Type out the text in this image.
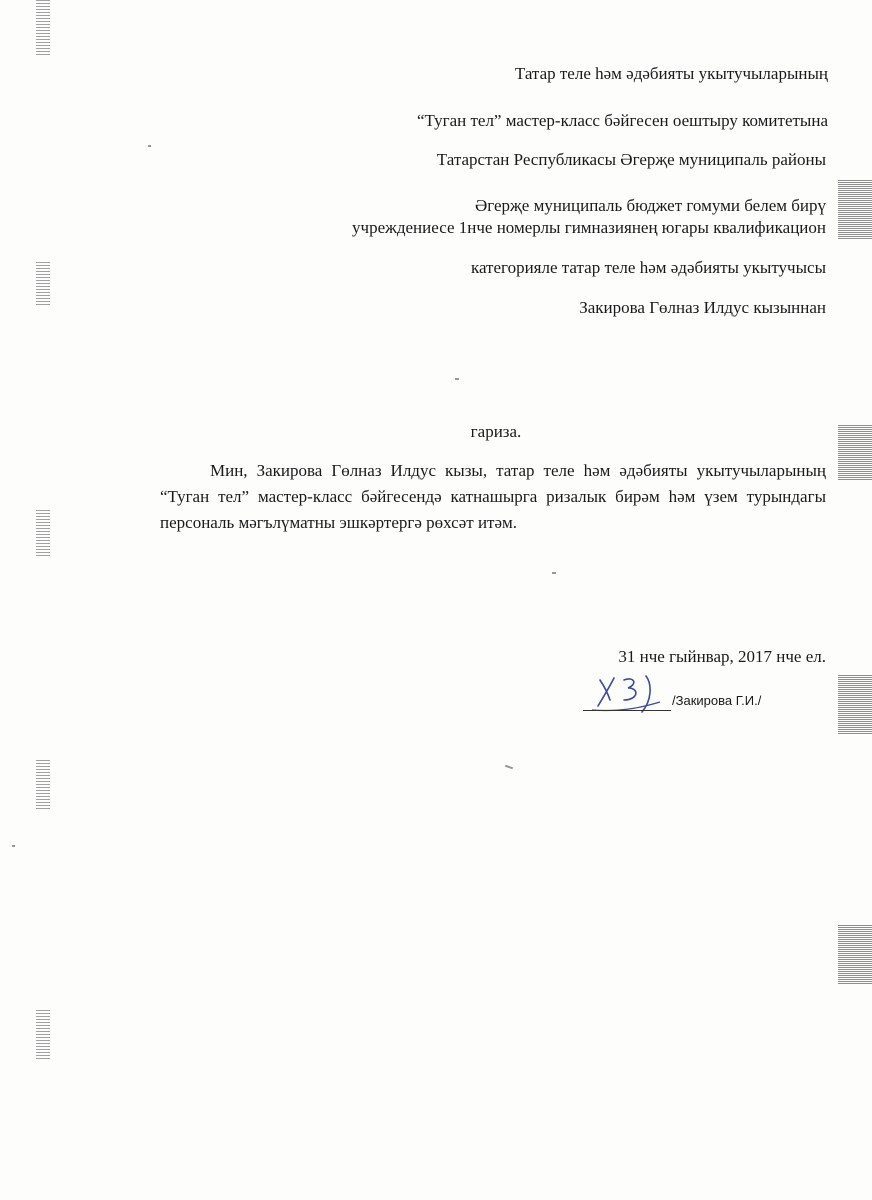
Татар теле һәм әдәбияты укытучыларының
“Туган тел” мастер-класс бәйгесен оештыру комитетына
Татарстан Республикасы Әгерҗе муниципаль районы
Әгерҗе муниципаль бюджет гомуми белем бирү
учреждениесе 1нче номерлы гимназиянең югары квалификацион
категорияле татар теле һәм әдәбияты укытучысы
Закирова Гөлназ Илдус кызыннан
гариза.
Мин, Закирова Гөлназ Илдус кызы, татар теле һәм әдәбияты укытучыларының “Туган тел” мастер-класс бәйгесендә катнашырга ризалык бирәм һәм үзем турындагы персональ мәгълүматны эшкәртергә рөхсәт итәм.
31 нче гыйнвар, 2017 нче ел.
/Закирова Г.И./
